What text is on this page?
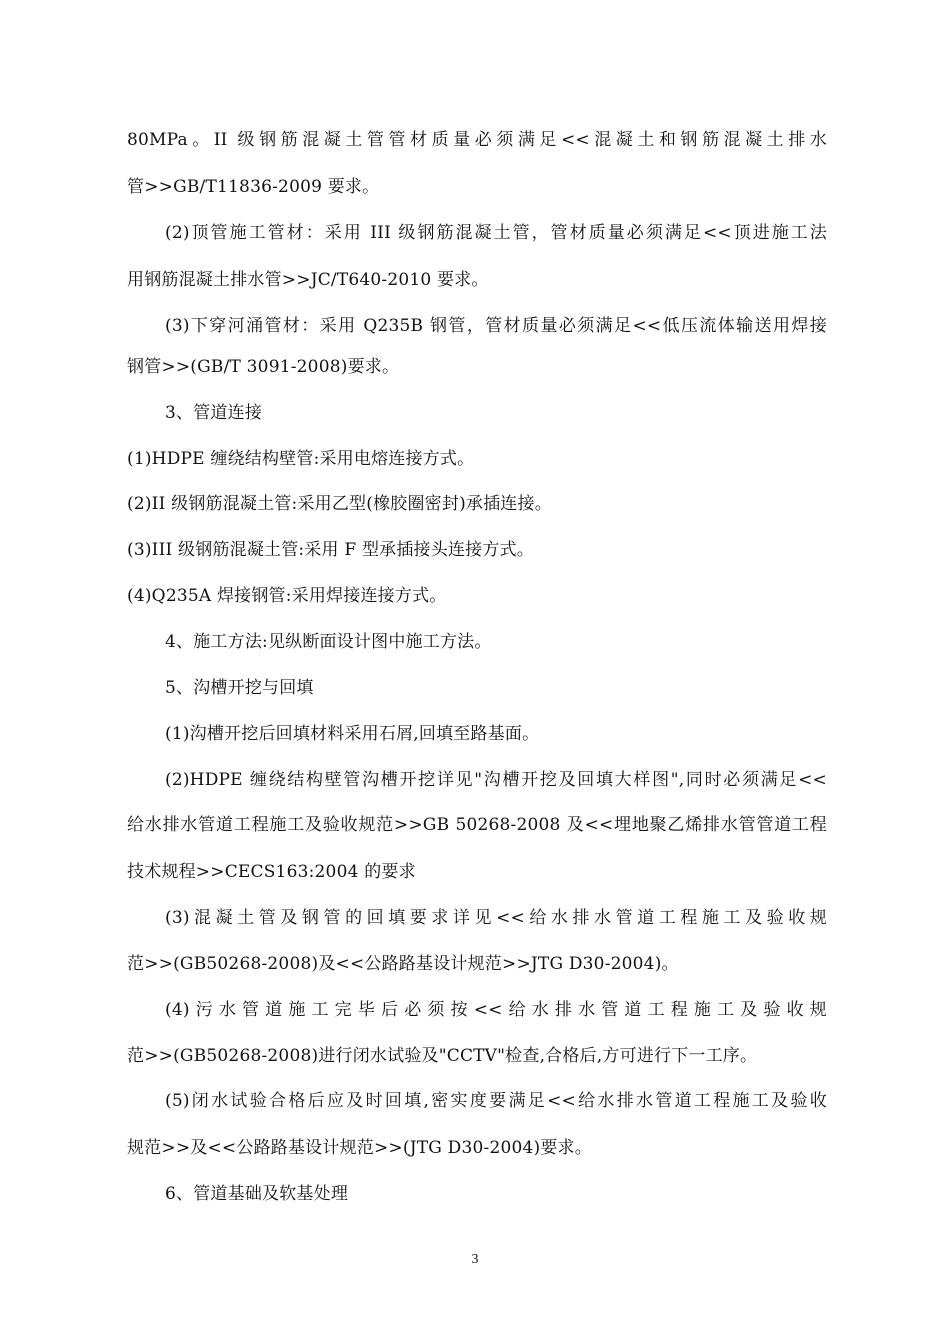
80MPa。II 级钢筋混凝土管管材质量必须满足<<混凝土和钢筋混凝土排水
管>>GB/T11836-2009 要求。
(2)顶管施工管材：采用 III 级钢筋混凝土管，管材质量必须满足<<顶进施工法
用钢筋混凝土排水管>>JC/T640-2010 要求。
(3)下穿河涌管材：采用 Q235B 钢管，管材质量必须满足<<低压流体输送用焊接
钢管>>(GB/T 3091-2008)要求。
3、管道连接
(1)HDPE 缠绕结构壁管:采用电熔连接方式。
(2)II 级钢筋混凝土管:采用乙型(橡胶圈密封)承插连接。
(3)III 级钢筋混凝土管:采用 F 型承插接头连接方式。
(4)Q235A 焊接钢管:采用焊接连接方式。
4、施工方法:见纵断面设计图中施工方法。
5、沟槽开挖与回填
(1)沟槽开挖后回填材料采用石屑,回填至路基面。
(2)HDPE 缠绕结构壁管沟槽开挖详见"沟槽开挖及回填大样图",同时必须满足<<
给水排水管道工程施工及验收规范>>GB 50268-2008 及<<埋地聚乙烯排水管管道工程
技术规程>>CECS163:2004 的要求
(3)混凝土管及钢管的回填要求详见<<给水排水管道工程施工及验收规
范>>(GB50268-2008)及<<公路路基设计规范>>JTG D30-2004)。
(4)污水管道施工完毕后必须按<<给水排水管道工程施工及验收规
范>>(GB50268-2008)进行闭水试验及"CCTV"检查,合格后,方可进行下一工序。
(5)闭水试验合格后应及时回填,密实度要满足<<给水排水管道工程施工及验收
规范>>及<<公路路基设计规范>>(JTG D30-2004)要求。
6、管道基础及软基处理
3
